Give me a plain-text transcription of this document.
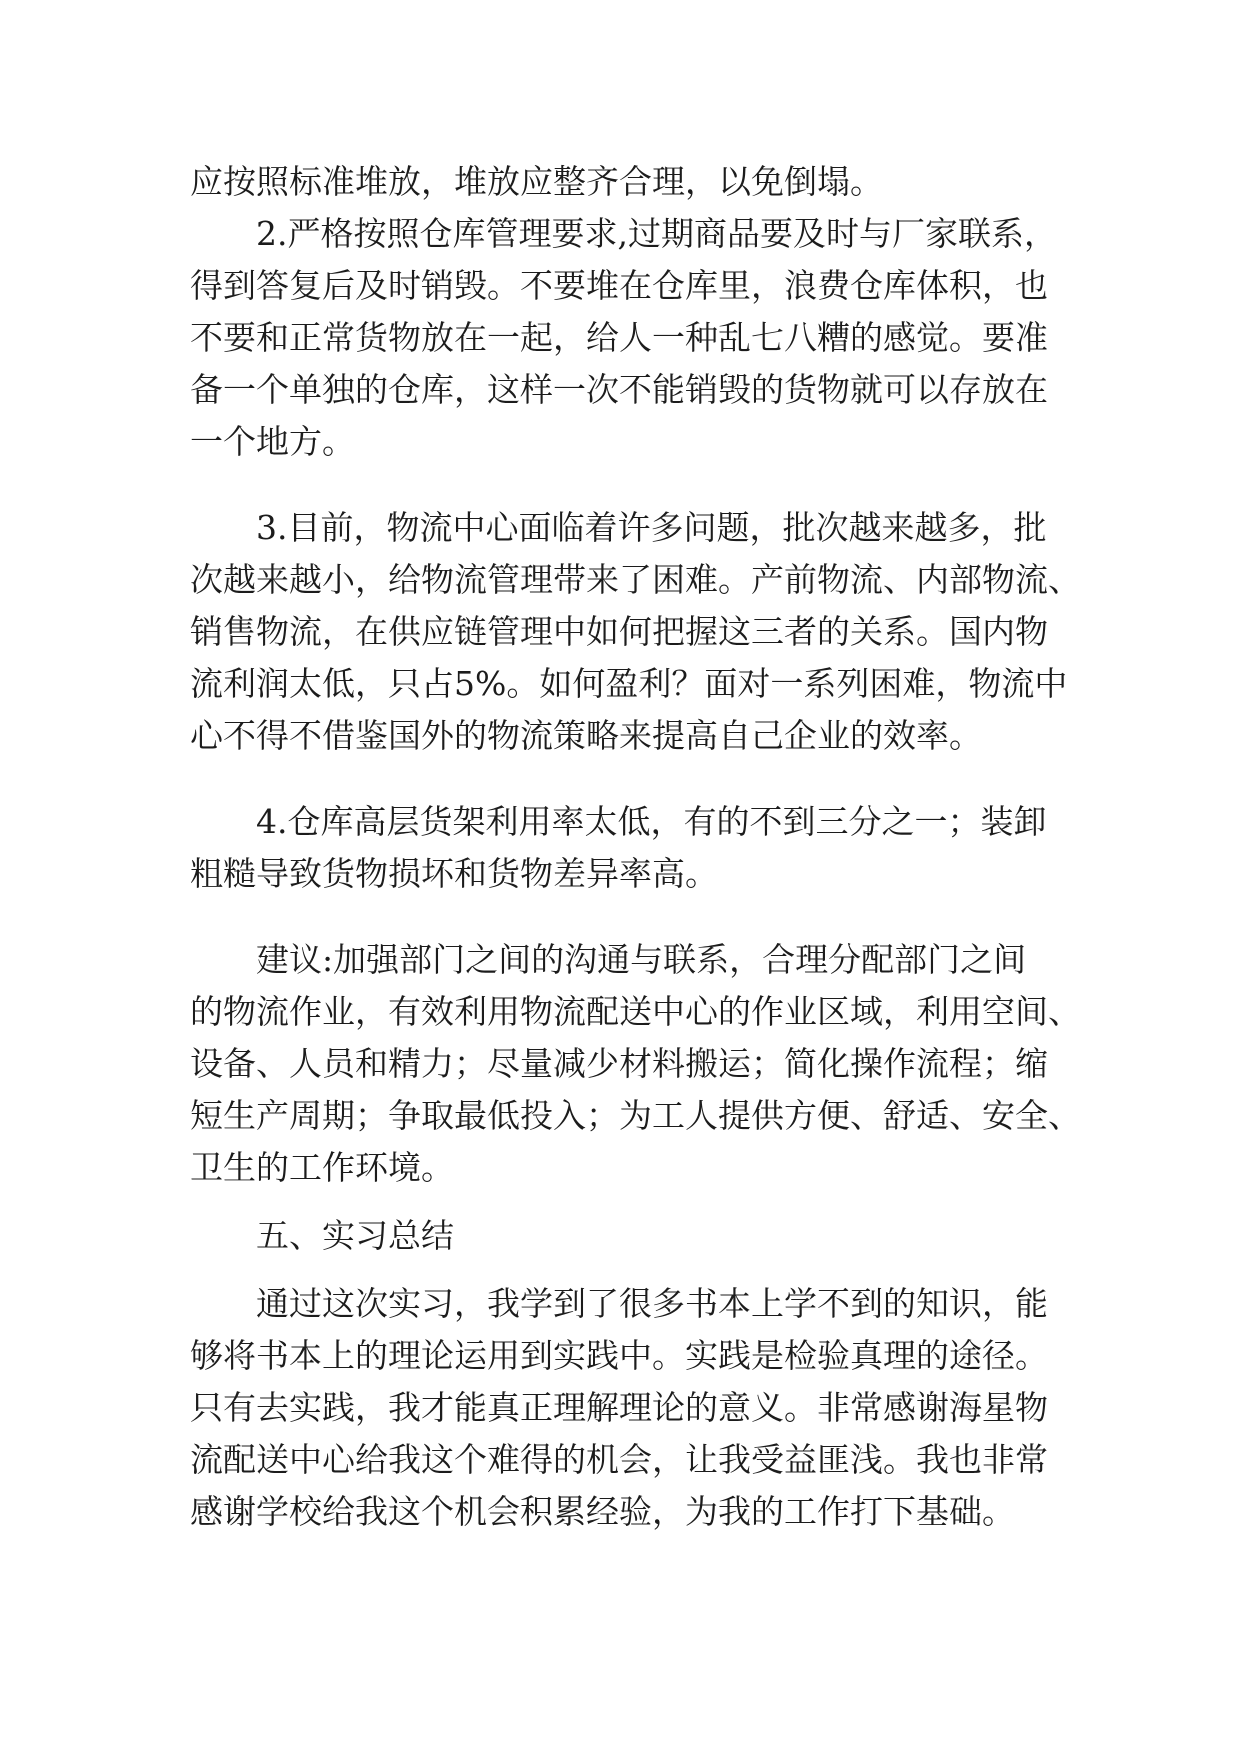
应按照标准堆放，堆放应整齐合理，以免倒塌。
2.严格按照仓库管理要求,过期商品要及时与厂家联系，
得到答复后及时销毁。不要堆在仓库里，浪费仓库体积，也
不要和正常货物放在一起，给人一种乱七八糟的感觉。要准
备一个单独的仓库，这样一次不能销毁的货物就可以存放在
一个地方。
3.目前，物流中心面临着许多问题，批次越来越多，批
次越来越小，给物流管理带来了困难。产前物流、内部物流、
销售物流，在供应链管理中如何把握这三者的关系。国内物
流利润太低，只占5%。如何盈利？面对一系列困难，物流中
心不得不借鉴国外的物流策略来提高自己企业的效率。
4.仓库高层货架利用率太低，有的不到三分之一；装卸
粗糙导致货物损坏和货物差异率高。
建议:加强部门之间的沟通与联系，合理分配部门之间
的物流作业，有效利用物流配送中心的作业区域，利用空间、
设备、人员和精力；尽量减少材料搬运；简化操作流程；缩
短生产周期；争取最低投入；为工人提供方便、舒适、安全、
卫生的工作环境。
五、实习总结
通过这次实习，我学到了很多书本上学不到的知识，能
够将书本上的理论运用到实践中。实践是检验真理的途径。
只有去实践，我才能真正理解理论的意义。非常感谢海星物
流配送中心给我这个难得的机会，让我受益匪浅。我也非常
感谢学校给我这个机会积累经验，为我的工作打下基础。
